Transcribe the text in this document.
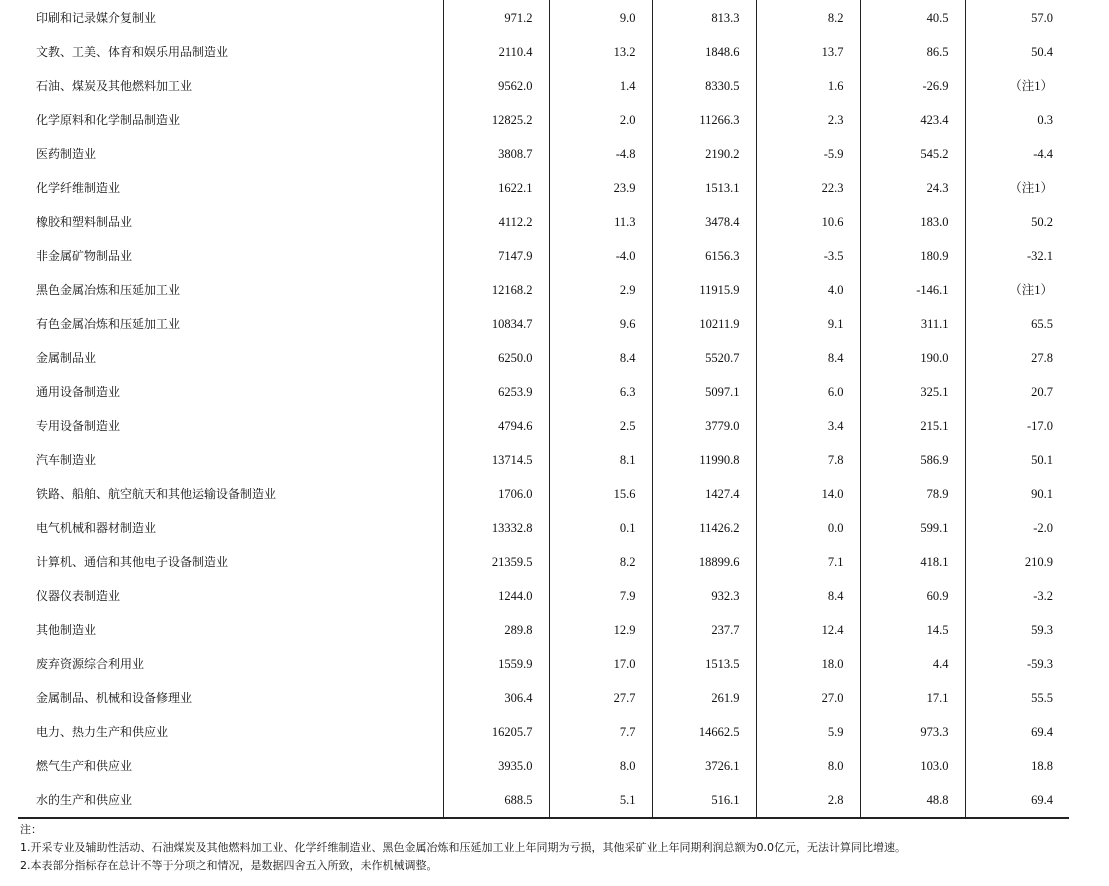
印刷和记录媒介复制业	971.2	9.0	813.3	8.2	40.5	57.0
文教、工美、体育和娱乐用品制造业	2110.4	13.2	1848.6	13.7	86.5	50.4
石油、煤炭及其他燃料加工业	9562.0	1.4	8330.5	1.6	-26.9	（注1）
化学原料和化学制品制造业	12825.2	2.0	11266.3	2.3	423.4	0.3
医药制造业	3808.7	-4.8	2190.2	-5.9	545.2	-4.4
化学纤维制造业	1622.1	23.9	1513.1	22.3	24.3	（注1）
橡胶和塑料制品业	4112.2	11.3	3478.4	10.6	183.0	50.2
非金属矿物制品业	7147.9	-4.0	6156.3	-3.5	180.9	-32.1
黑色金属冶炼和压延加工业	12168.2	2.9	11915.9	4.0	-146.1	（注1）
有色金属冶炼和压延加工业	10834.7	9.6	10211.9	9.1	311.1	65.5
金属制品业	6250.0	8.4	5520.7	8.4	190.0	27.8
通用设备制造业	6253.9	6.3	5097.1	6.0	325.1	20.7
专用设备制造业	4794.6	2.5	3779.0	3.4	215.1	-17.0
汽车制造业	13714.5	8.1	11990.8	7.8	586.9	50.1
铁路、船舶、航空航天和其他运输设备制造业	1706.0	15.6	1427.4	14.0	78.9	90.1
电气机械和器材制造业	13332.8	0.1	11426.2	0.0	599.1	-2.0
计算机、通信和其他电子设备制造业	21359.5	8.2	18899.6	7.1	418.1	210.9
仪器仪表制造业	1244.0	7.9	932.3	8.4	60.9	-3.2
其他制造业	289.8	12.9	237.7	12.4	14.5	59.3
废弃资源综合利用业	1559.9	17.0	1513.5	18.0	4.4	-59.3
金属制品、机械和设备修理业	306.4	27.7	261.9	27.0	17.1	55.5
电力、热力生产和供应业	16205.7	7.7	14662.5	5.9	973.3	69.4
燃气生产和供应业	3935.0	8.0	3726.1	8.0	103.0	18.8
水的生产和供应业	688.5	5.1	516.1	2.8	48.8	69.4
注：
1.开采专业及辅助性活动、石油煤炭及其他燃料加工业、化学纤维制造业、黑色金属冶炼和压延加工业上年同期为亏损，其他采矿业上年同期利润总额为0.0亿元，无法计算同比增速。
2.本表部分指标存在总计不等于分项之和情况，是数据四舍五入所致，未作机械调整。
